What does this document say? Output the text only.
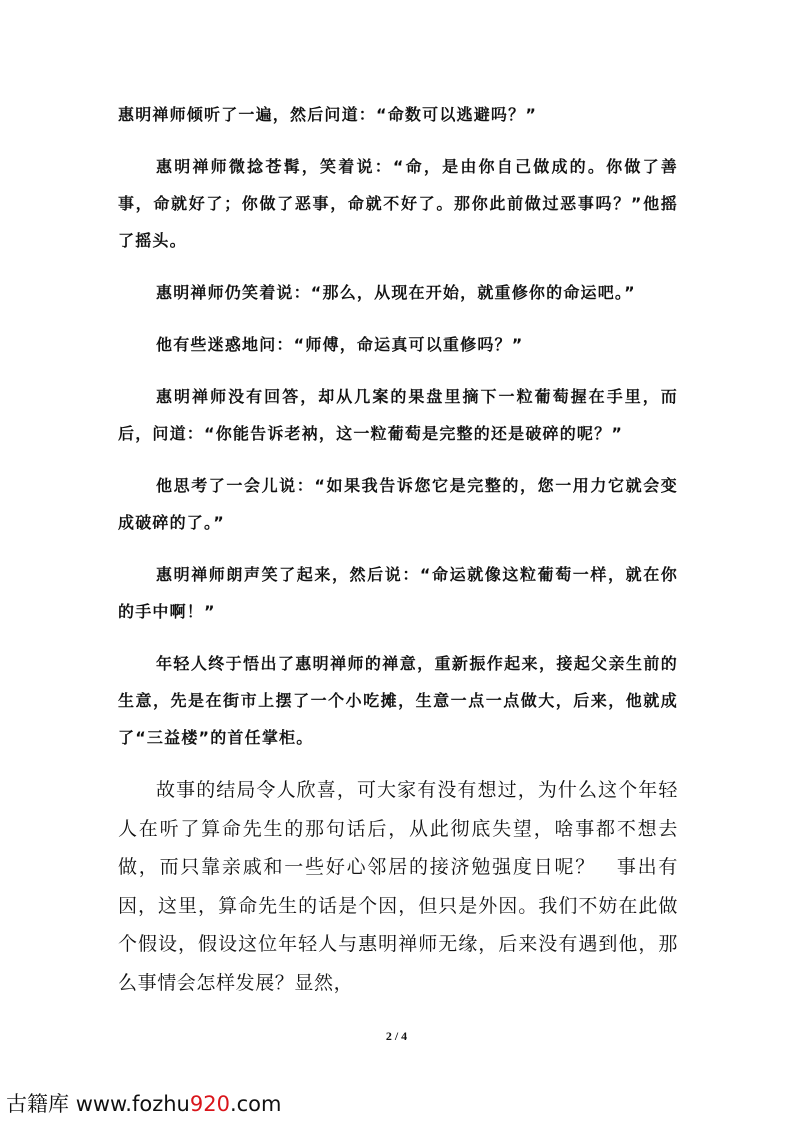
惠明禅师倾听了一遍，然后问道：“命数可以逃避吗？”

惠明禅师微捻苍髯，笑着说：“命，是由你自己做成的。你做了善事，命就好了；你做了恶事，命就不好了。那你此前做过恶事吗？”他摇了摇头。

惠明禅师仍笑着说：“那么，从现在开始，就重修你的命运吧。”

他有些迷惑地问：“师傅，命运真可以重修吗？”

惠明禅师没有回答，却从几案的果盘里摘下一粒葡萄握在手里，而后，问道：“你能告诉老衲，这一粒葡萄是完整的还是破碎的呢？”

他思考了一会儿说：“如果我告诉您它是完整的，您一用力它就会变成破碎的了。”

惠明禅师朗声笑了起来，然后说：“命运就像这粒葡萄一样，就在你的手中啊！”

年轻人终于悟出了惠明禅师的禅意，重新振作起来，接起父亲生前的生意，先是在街市上摆了一个小吃摊，生意一点一点做大，后来，他就成了“三益楼”的首任掌柜。

故事的结局令人欣喜，可大家有没有想过，为什么这个年轻人在听了算命先生的那句话后，从此彻底失望，啥事都不想去做，而只靠亲戚和一些好心邻居的接济勉强度日呢？　事出有因，这里，算命先生的话是个因，但只是外因。我们不妨在此做个假设，假设这位年轻人与惠明禅师无缘，后来没有遇到他，那么事情会怎样发展？显然，

2 / 4
古籍库 www.fozhu920.com
